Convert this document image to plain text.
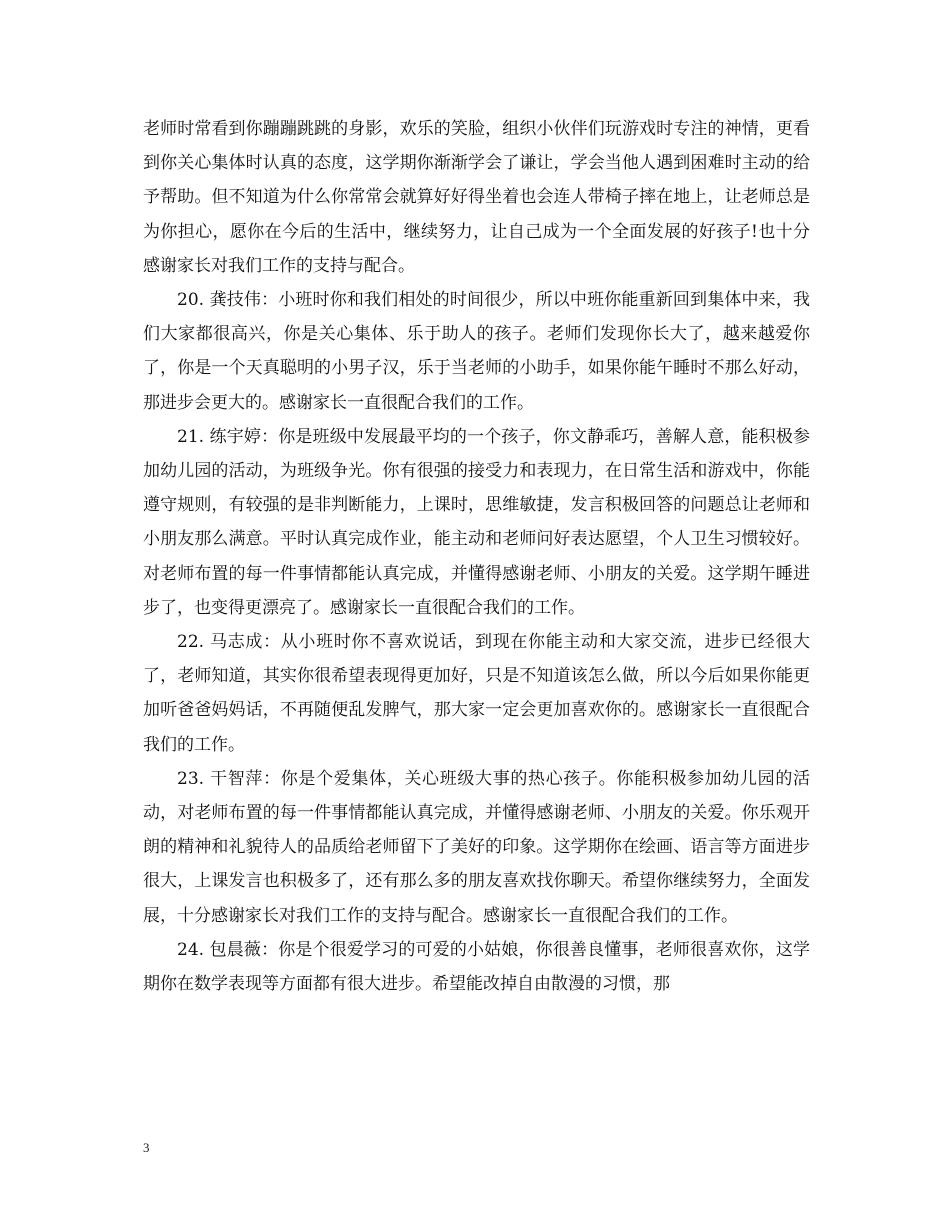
老师时常看到你蹦蹦跳跳的身影，欢乐的笑脸，组织小伙伴们玩游戏时专注的神情，更看到你关心集体时认真的态度，这学期你渐渐学会了谦让，学会当他人遇到困难时主动的给予帮助。但不知道为什么你常常会就算好好得坐着也会连人带椅子摔在地上，让老师总是为你担心，愿你在今后的生活中，继续努力，让自己成为一个全面发展的好孩子!也十分感谢家长对我们工作的支持与配合。

20. 龚技伟：小班时你和我们相处的时间很少，所以中班你能重新回到集体中来，我们大家都很高兴，你是关心集体、乐于助人的孩子。老师们发现你长大了，越来越爱你了，你是一个天真聪明的小男子汉，乐于当老师的小助手，如果你能午睡时不那么好动，那进步会更大的。感谢家长一直很配合我们的工作。

21. 练宇婷：你是班级中发展最平均的一个孩子，你文静乖巧，善解人意，能积极参加幼儿园的活动，为班级争光。你有很强的接受力和表现力，在日常生活和游戏中，你能遵守规则，有较强的是非判断能力，上课时，思维敏捷，发言积极回答的问题总让老师和小朋友那么满意。平时认真完成作业，能主动和老师问好表达愿望，个人卫生习惯较好。对老师布置的每一件事情都能认真完成，并懂得感谢老师、小朋友的关爱。这学期午睡进步了，也变得更漂亮了。感谢家长一直很配合我们的工作。

22. 马志成：从小班时你不喜欢说话，到现在你能主动和大家交流，进步已经很大了，老师知道，其实你很希望表现得更加好，只是不知道该怎么做，所以今后如果你能更加听爸爸妈妈话，不再随便乱发脾气，那大家一定会更加喜欢你的。感谢家长一直很配合我们的工作。

23. 干智萍：你是个爱集体，关心班级大事的热心孩子。你能积极参加幼儿园的活动，对老师布置的每一件事情都能认真完成，并懂得感谢老师、小朋友的关爱。你乐观开朗的精神和礼貌待人的品质给老师留下了美好的印象。这学期你在绘画、语言等方面进步很大，上课发言也积极多了，还有那么多的朋友喜欢找你聊天。希望你继续努力，全面发展，十分感谢家长对我们工作的支持与配合。感谢家长一直很配合我们的工作。

24. 包晨薇：你是个很爱学习的可爱的小姑娘，你很善良懂事，老师很喜欢你，这学期你在数学表现等方面都有很大进步。希望能改掉自由散漫的习惯，那

3
